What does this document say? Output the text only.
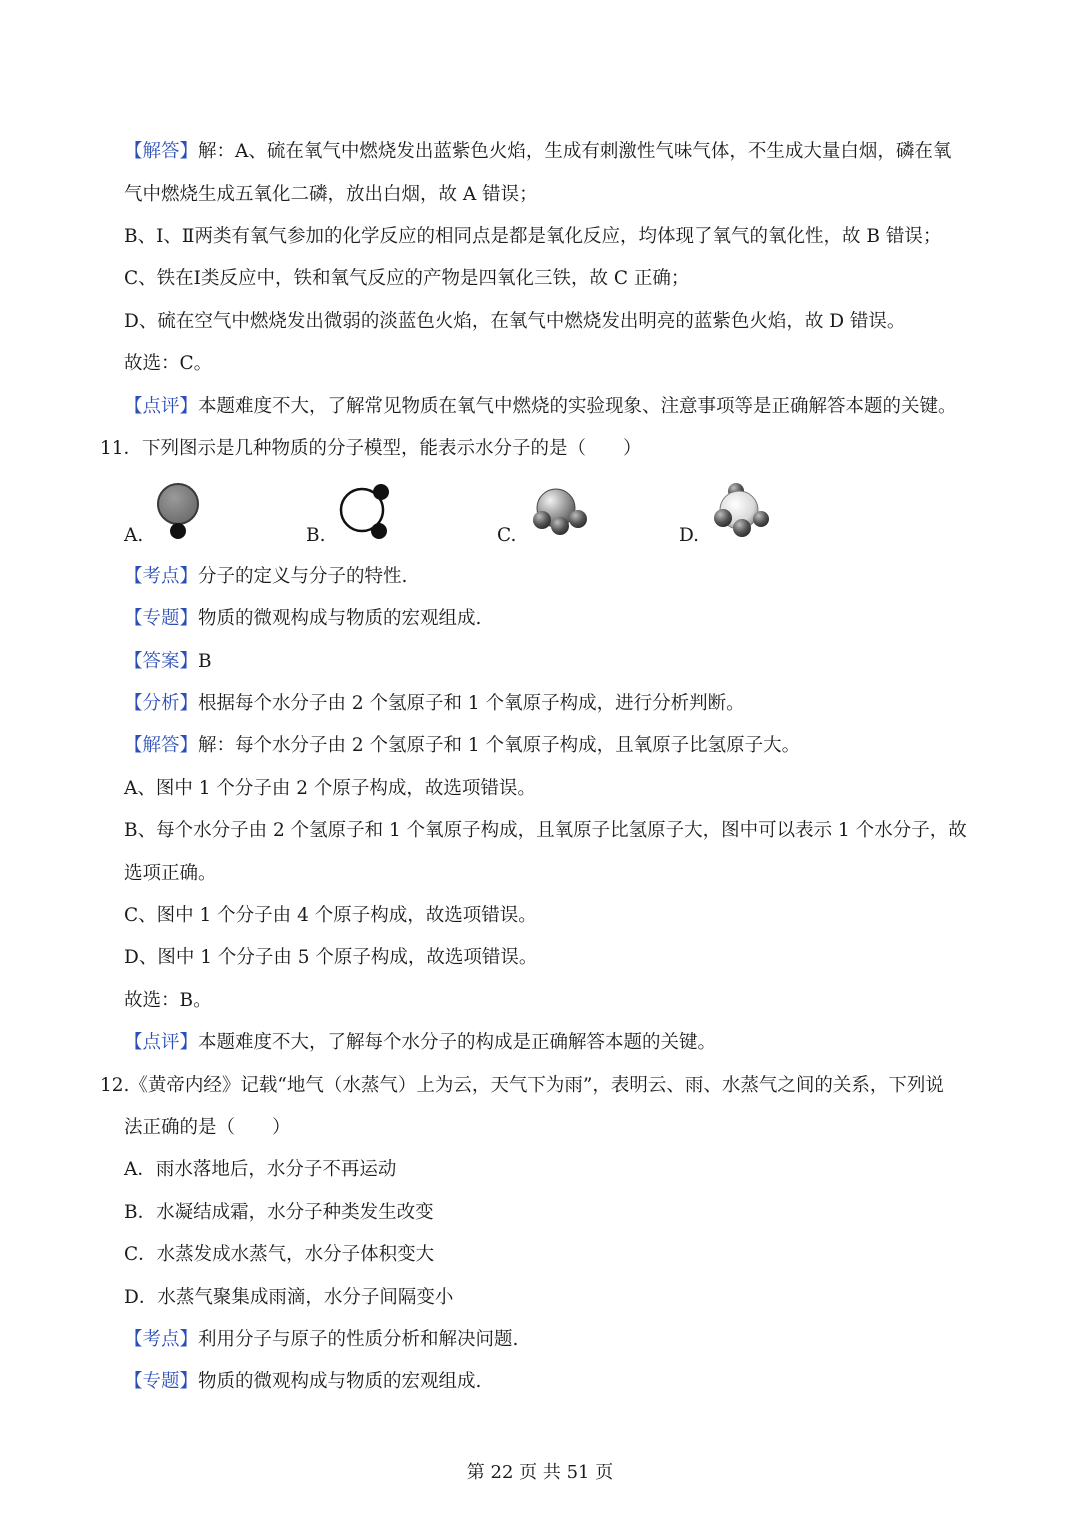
【解答】解：A、硫在氧气中燃烧发出蓝紫色火焰，生成有刺激性气味气体，不生成大量白烟，磷在氧
气中燃烧生成五氧化二磷，放出白烟，故 A 错误；
B、Ⅰ、Ⅱ两类有氧气参加的化学反应的相同点是都是氧化反应，均体现了氧气的氧化性，故 B 错误；
C、铁在Ⅰ类反应中，铁和氧气反应的产物是四氧化三铁，故 C 正确；
D、硫在空气中燃烧发出微弱的淡蓝色火焰，在氧气中燃烧发出明亮的蓝紫色火焰，故 D 错误。
故选：C。
【点评】本题难度不大，了解常见物质在氧气中燃烧的实验现象、注意事项等是正确解答本题的关键。
11．下列图示是几种物质的分子模型，能表示水分子的是（　　）
A.	B.	C.	D.
【考点】分子的定义与分子的特性.
【专题】物质的微观构成与物质的宏观组成.
【答案】B
【分析】根据每个水分子由 2 个氢原子和 1 个氧原子构成，进行分析判断。
【解答】解：每个水分子由 2 个氢原子和 1 个氧原子构成，且氧原子比氢原子大。
A、图中 1 个分子由 2 个原子构成，故选项错误。
B、每个水分子由 2 个氢原子和 1 个氧原子构成，且氧原子比氢原子大，图中可以表示 1 个水分子，故
选项正确。
C、图中 1 个分子由 4 个原子构成，故选项错误。
D、图中 1 个分子由 5 个原子构成，故选项错误。
故选：B。
【点评】本题难度不大，了解每个水分子的构成是正确解答本题的关键。
12.《黄帝内经》记载“地气（水蒸气）上为云，天气下为雨”，表明云、雨、水蒸气之间的关系，下列说
法正确的是（　　）
A．雨水落地后，水分子不再运动
B．水凝结成霜，水分子种类发生改变
C．水蒸发成水蒸气，水分子体积变大
D．水蒸气聚集成雨滴，水分子间隔变小
【考点】利用分子与原子的性质分析和解决问题.
【专题】物质的微观构成与物质的宏观组成.
第 22 页 共 51 页
